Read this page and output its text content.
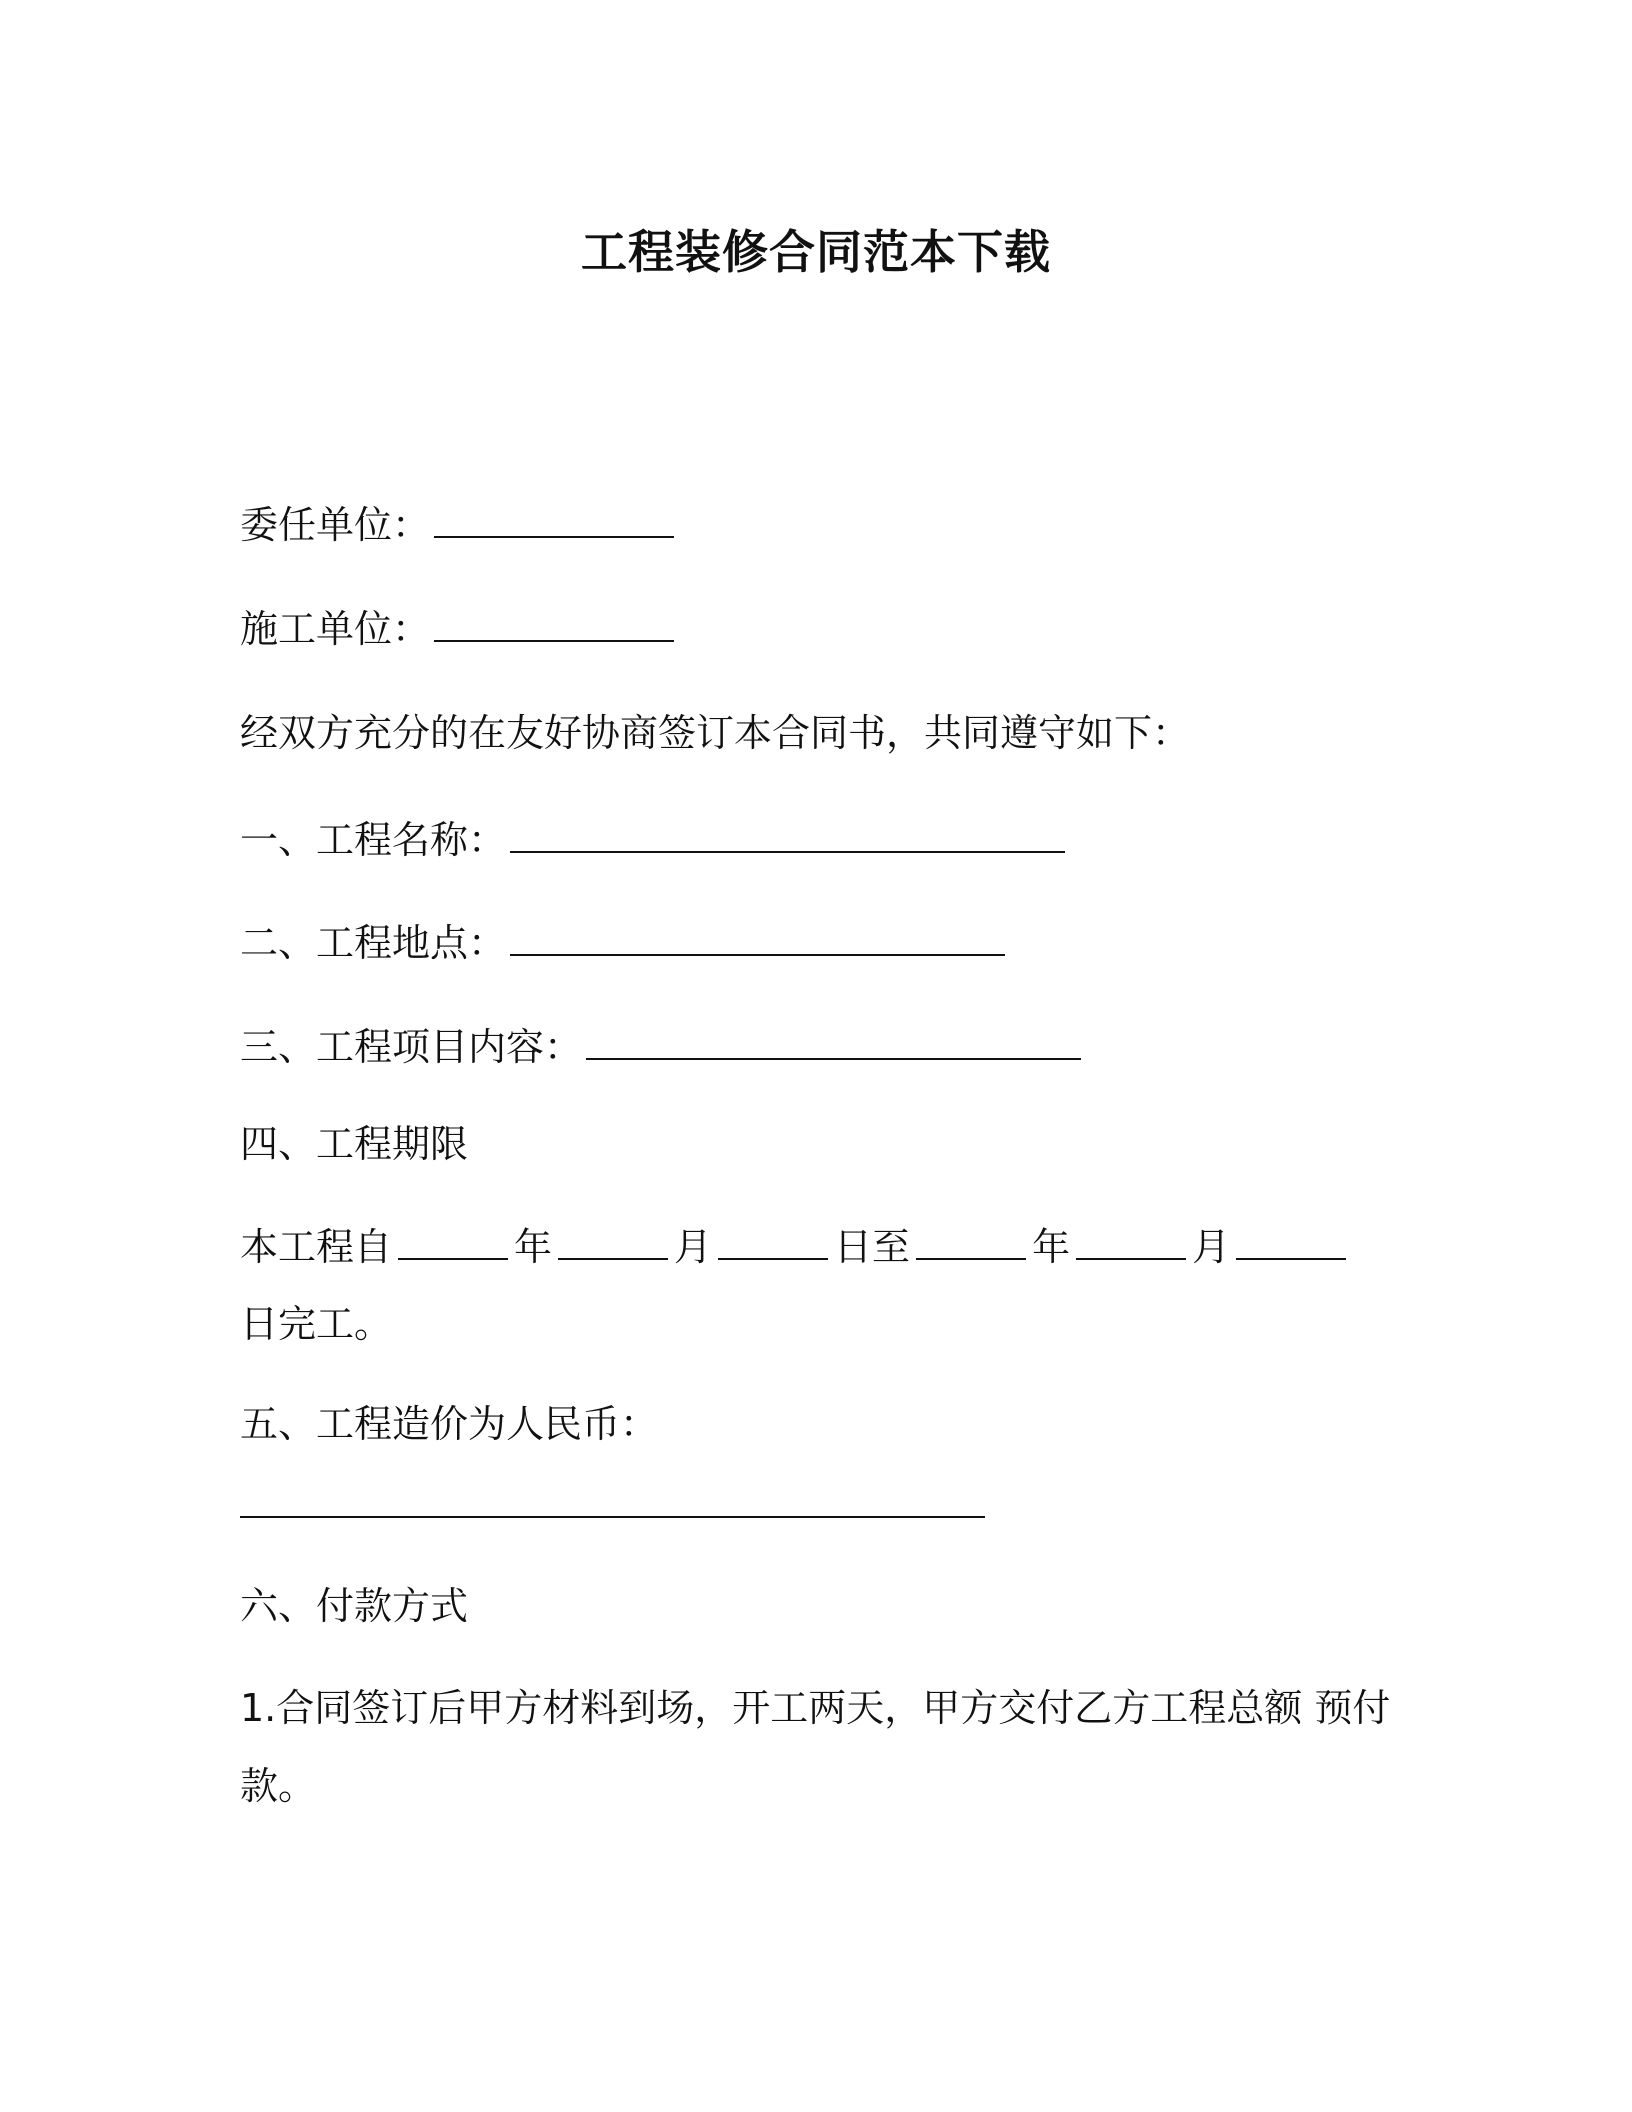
工程装修合同范本下载
委任单位：
施工单位：
经双方充分的在友好协商签订本合同书，共同遵守如下：
一、工程名称：
二、工程地点：
三、工程项目内容：
四、工程期限
本工程自	年	月	日至	年	月
日完工。
五、工程造价为人民币：
六、付款方式
1.合同签订后甲方材料到场，开工两天，甲方交付乙方工程总额 预付
款。
